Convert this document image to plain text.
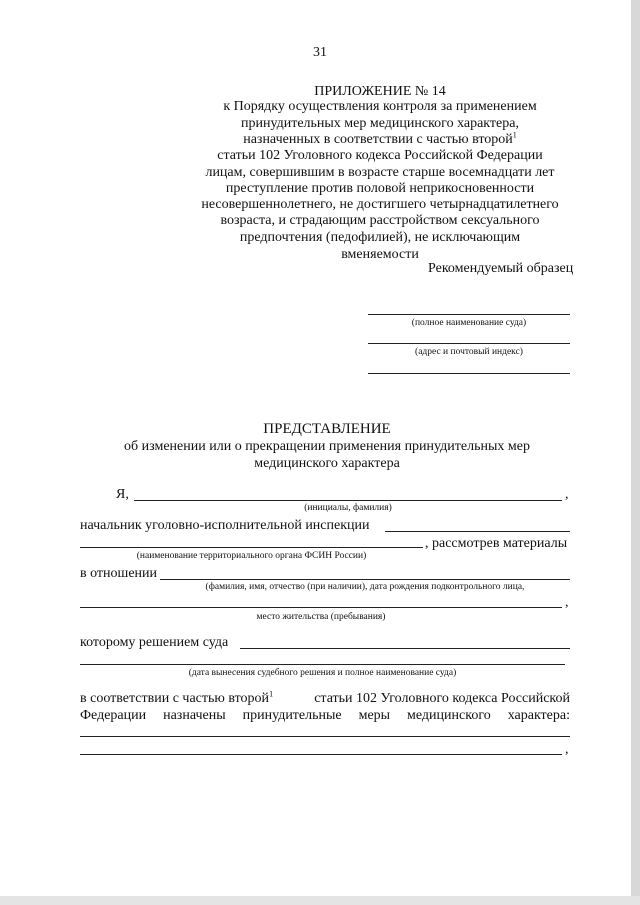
31
ПРИЛОЖЕНИЕ № 14
к Порядку осуществления контроля за применением
принудительных мер медицинского характера,
назначенных в соответствии с частью второй$^1$
статьи 102 Уголовного кодекса Российской Федерации
лицам, совершившим в возрасте старше восемнадцати лет
преступление против половой неприкосновенности
несовершеннолетнего, не достигшего четырнадцатилетнего
возраста, и страдающим расстройством сексуального
предпочтения (педофилией), не исключающим вменяемости
Рекомендуемый образец
(полное наименование суда)
(адрес и почтовый индекс)
ПРЕДСТАВЛЕНИЕ
об изменении или о прекращении применения принудительных мер
медицинского характера
Я,	,
(инициалы, фамилия)
начальник уголовно-исполнительной инспекции
, рассмотрев материалы
(наименование территориального органа ФСИН России)
в отношении
(фамилия, имя, отчество (при наличии), дата рождения подконтрольного лица,
,
место жительства (пребывания)
которому решением суда
(дата вынесения судебного решения и полное наименование суда)
в соответствии с частью второй$^1$	статьи 102 Уголовного кодекса Российской
Федерации назначены принудительные меры медицинского характера:
,
